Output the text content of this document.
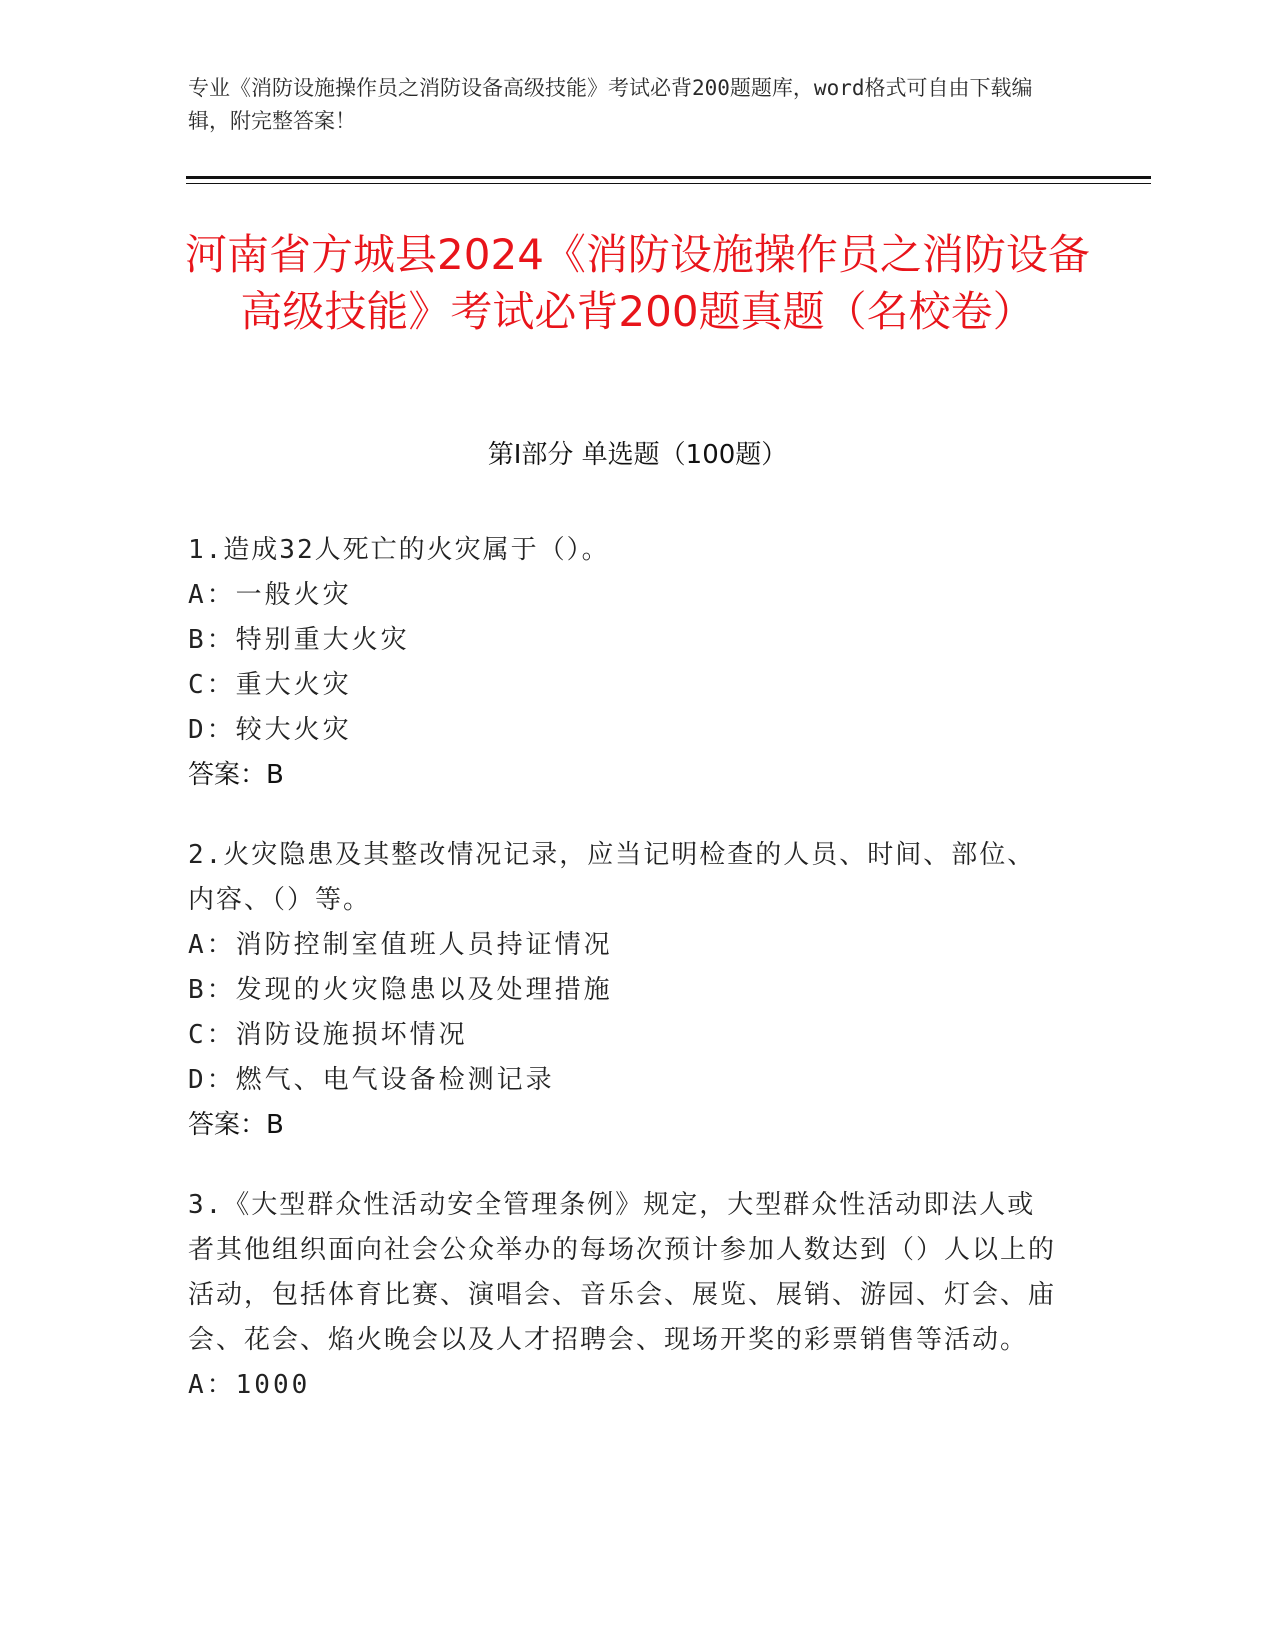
专业《消防设施操作员之消防设备高级技能》考试必背200题题库，word格式可自由下载编辑，附完整答案！
河南省方城县2024《消防设施操作员之消防设备高级技能》考试必背200题真题（名校卷）
第I部分 单选题（100题）

1.造成32人死亡的火灾属于（）。

A：一般火灾

B：特别重大火灾

C：重大火灾

D：较大火灾

答案：B

2.火灾隐患及其整改情况记录，应当记明检查的人员、时间、部位、内容、（）等。

A：消防控制室值班人员持证情况

B：发现的火灾隐患以及处理措施

C：消防设施损坏情况

D：燃气、电气设备检测记录

答案：B

3.《大型群众性活动安全管理条例》规定，大型群众性活动即法人或者其他组织面向社会公众举办的每场次预计参加人数达到（）人以上的活动，包括体育比赛、演唱会、音乐会、展览、展销、游园、灯会、庙会、花会、焰火晚会以及人才招聘会、现场开奖的彩票销售等活动。

A：1000
